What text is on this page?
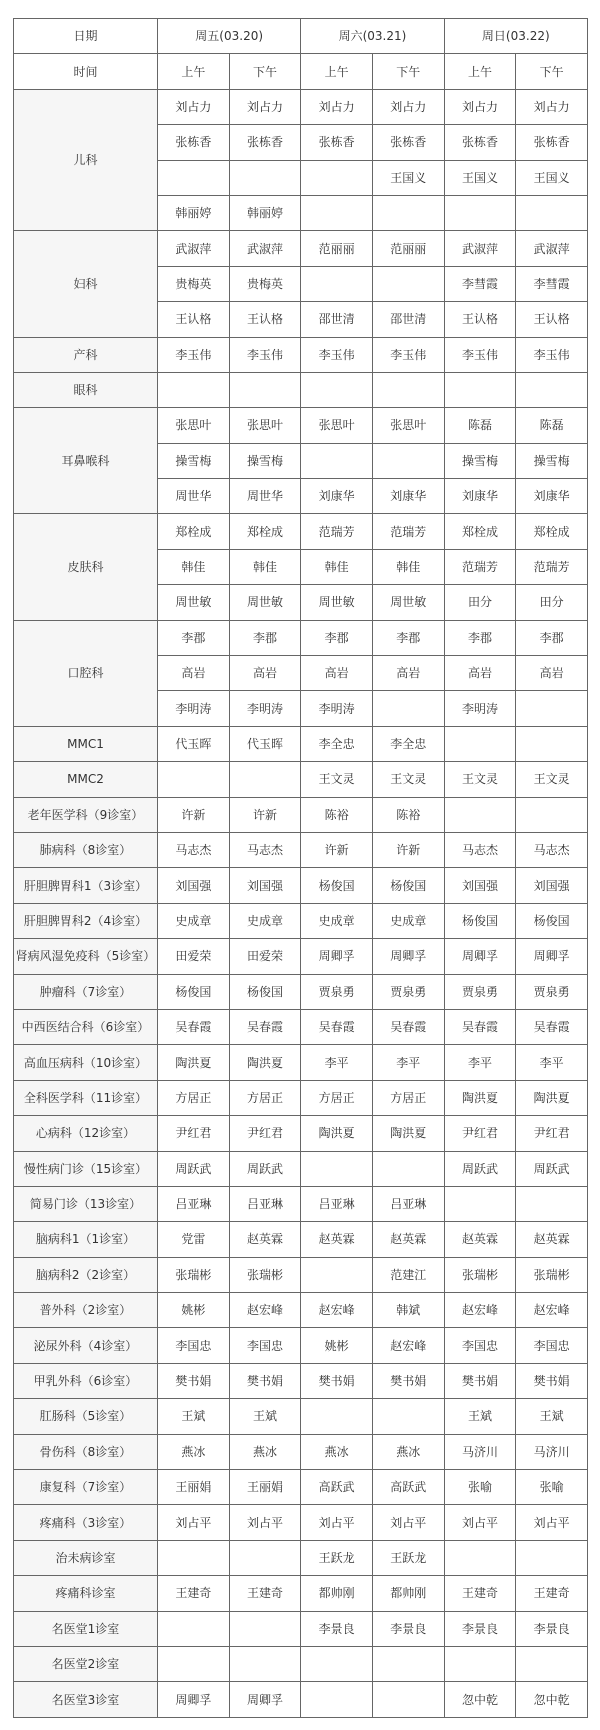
日期	周五(03.20)		周六(03.21)		周日(03.22)	
时间	上午	下午	上午	下午	上午	下午
儿科	刘占力	刘占力	刘占力	刘占力	刘占力	刘占力
	张栋香	张栋香	张栋香	张栋香	张栋香	张栋香
				王国义	王国义	王国义
	韩丽婷	韩丽婷				
妇科	武淑萍	武淑萍	范丽丽	范丽丽	武淑萍	武淑萍
	贵梅英	贵梅英			李彗霞	李彗霞
	王认格	王认格	邵世清	邵世清	王认格	王认格
产科	李玉伟	李玉伟	李玉伟	李玉伟	李玉伟	李玉伟
眼科						
耳鼻喉科	张思叶	张思叶	张思叶	张思叶	陈磊	陈磊
	操雪梅	操雪梅			操雪梅	操雪梅
	周世华	周世华	刘康华	刘康华	刘康华	刘康华
皮肤科	郑栓成	郑栓成	范瑞芳	范瑞芳	郑栓成	郑栓成
	韩佳	韩佳	韩佳	韩佳	范瑞芳	范瑞芳
	周世敏	周世敏	周世敏	周世敏	田分	田分
口腔科	李郡	李郡	李郡	李郡	李郡	李郡
	高岩	高岩	高岩	高岩	高岩	高岩
	李明涛	李明涛	李明涛		李明涛	
MMC1	代玉晖	代玉晖	李全忠	李全忠		
MMC2			王文灵	王文灵	王文灵	王文灵
老年医学科（9诊室）	许新	许新	陈裕	陈裕		
肺病科（8诊室）	马志杰	马志杰	许新	许新	马志杰	马志杰
肝胆脾胃科1（3诊室）	刘国强	刘国强	杨俊国	杨俊国	刘国强	刘国强
肝胆脾胃科2（4诊室）	史成章	史成章	史成章	史成章	杨俊国	杨俊国
肾病风湿免疫科（5诊室）	田爱荣	田爱荣	周卿孚	周卿孚	周卿孚	周卿孚
肿瘤科（7诊室）	杨俊国	杨俊国	贾泉勇	贾泉勇	贾泉勇	贾泉勇
中西医结合科（6诊室）	吴春霞	吴春霞	吴春霞	吴春霞	吴春霞	吴春霞
高血压病科（10诊室）	陶洪夏	陶洪夏	李平	李平	李平	李平
全科医学科（11诊室）	方居正	方居正	方居正	方居正	陶洪夏	陶洪夏
心病科（12诊室）	尹红君	尹红君	陶洪夏	陶洪夏	尹红君	尹红君
慢性病门诊（15诊室）	周跃武	周跃武			周跃武	周跃武
简易门诊（13诊室）	吕亚琳	吕亚琳	吕亚琳	吕亚琳		
脑病科1（1诊室）	党雷	赵英霖	赵英霖	赵英霖	赵英霖	赵英霖
脑病科2（2诊室）	张瑞彬	张瑞彬		范建江	张瑞彬	张瑞彬
普外科（2诊室）	姚彬	赵宏峰	赵宏峰	韩斌	赵宏峰	赵宏峰
泌尿外科（4诊室）	李国忠	李国忠	姚彬	赵宏峰	李国忠	李国忠
甲乳外科（6诊室）	樊书娟	樊书娟	樊书娟	樊书娟	樊书娟	樊书娟
肛肠科（5诊室）	王斌	王斌			王斌	王斌
骨伤科（8诊室）	燕冰	燕冰	燕冰	燕冰	马济川	马济川
康复科（7诊室）	王丽娟	王丽娟	高跃武	高跃武	张喻	张喻
疼痛科（3诊室）	刘占平	刘占平	刘占平	刘占平	刘占平	刘占平
治未病诊室			王跃龙	王跃龙		
疼痛科诊室	王建奇	王建奇	都帅刚	都帅刚	王建奇	王建奇
名医堂1诊室			李景良	李景良	李景良	李景良
名医堂2诊室						
名医堂3诊室	周卿孚	周卿孚			忽中乾	忽中乾
